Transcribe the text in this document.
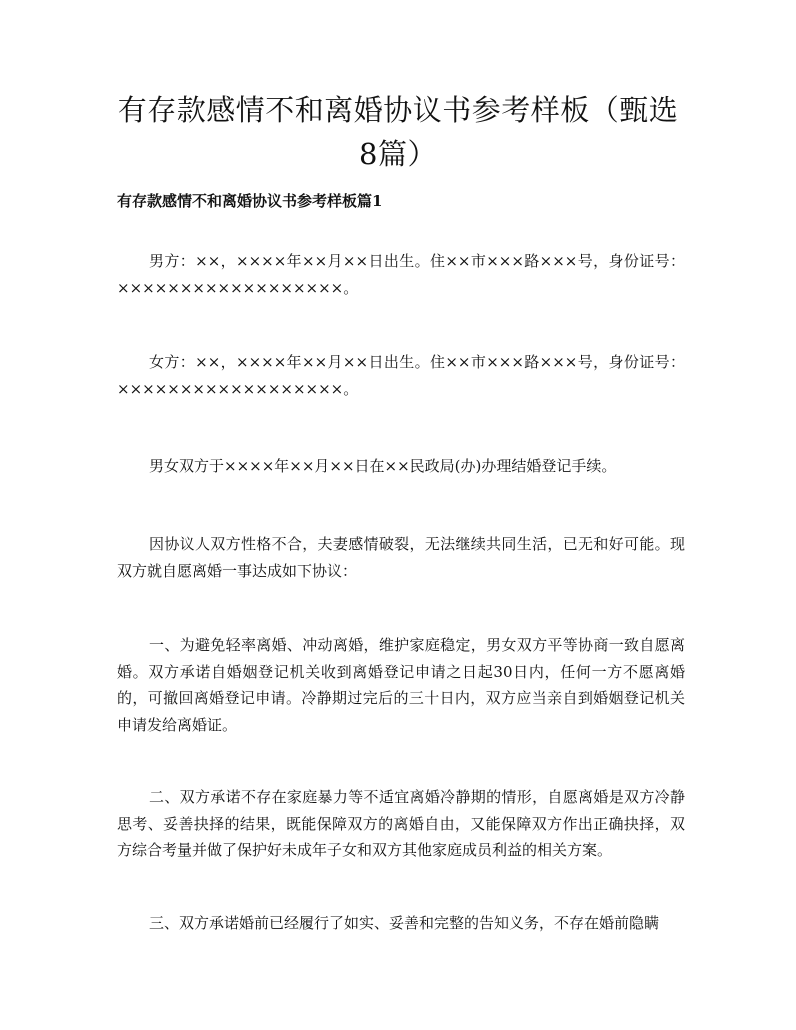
有存款感情不和离婚协议书参考样板（甄选8篇）

有存款感情不和离婚协议书参考样板篇1

男方：××，××××年××月××日出生。住××市×××路×××号，身份证号：××××××××××××××××××。

女方：××，××××年××月××日出生。住××市×××路×××号，身份证号：××××××××××××××××××。

男女双方于××××年××月××日在××民政局(办)办理结婚登记手续。

因协议人双方性格不合，夫妻感情破裂，无法继续共同生活，已无和好可能。现双方就自愿离婚一事达成如下协议：

一、为避免轻率离婚、冲动离婚，维护家庭稳定，男女双方平等协商一致自愿离婚。双方承诺自婚姻登记机关收到离婚登记申请之日起30日内，任何一方不愿离婚的，可撤回离婚登记申请。冷静期过完后的三十日内，双方应当亲自到婚姻登记机关申请发给离婚证。

二、双方承诺不存在家庭暴力等不适宜离婚冷静期的情形，自愿离婚是双方冷静思考、妥善抉择的结果，既能保障双方的离婚自由，又能保障双方作出正确抉择，双方综合考量并做了保护好未成年子女和双方其他家庭成员利益的相关方案。

三、双方承诺婚前已经履行了如实、妥善和完整的告知义务，不存在婚前隐瞒
